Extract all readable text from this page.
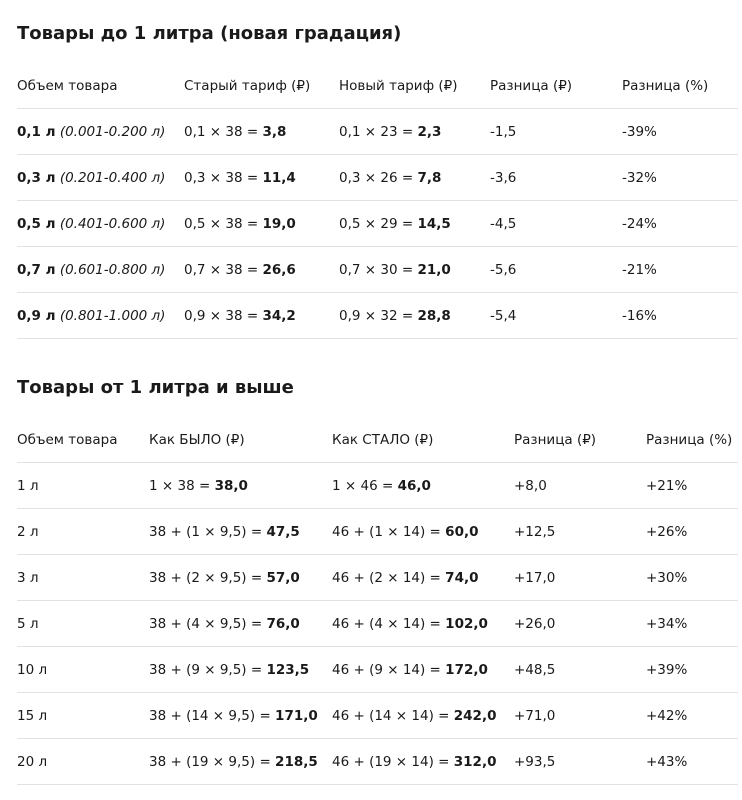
Товары до 1 литра (новая градация)
Объем товара	Старый тариф (₽)	Новый тариф (₽)	Разница (₽)	Разница (%)
0,1 л (0.001-0.200 л)	0,1 × 38 = 3,8	0,1 × 23 = 2,3	-1,5	-39%
0,3 л (0.201-0.400 л)	0,3 × 38 = 11,4	0,3 × 26 = 7,8	-3,6	-32%
0,5 л (0.401-0.600 л)	0,5 × 38 = 19,0	0,5 × 29 = 14,5	-4,5	-24%
0,7 л (0.601-0.800 л)	0,7 × 38 = 26,6	0,7 × 30 = 21,0	-5,6	-21%
0,9 л (0.801-1.000 л)	0,9 × 38 = 34,2	0,9 × 32 = 28,8	-5,4	-16%
Товары от 1 литра и выше
Объем товара	Как БЫЛО (₽)	Как СТАЛО (₽)	Разница (₽)	Разница (%)
1 л	1 × 38 = 38,0	1 × 46 = 46,0	+8,0	+21%
2 л	38 + (1 × 9,5) = 47,5	46 + (1 × 14) = 60,0	+12,5	+26%
3 л	38 + (2 × 9,5) = 57,0	46 + (2 × 14) = 74,0	+17,0	+30%
5 л	38 + (4 × 9,5) = 76,0	46 + (4 × 14) = 102,0	+26,0	+34%
10 л	38 + (9 × 9,5) = 123,5	46 + (9 × 14) = 172,0	+48,5	+39%
15 л	38 + (14 × 9,5) = 171,0	46 + (14 × 14) = 242,0	+71,0	+42%
20 л	38 + (19 × 9,5) = 218,5	46 + (19 × 14) = 312,0	+93,5	+43%
